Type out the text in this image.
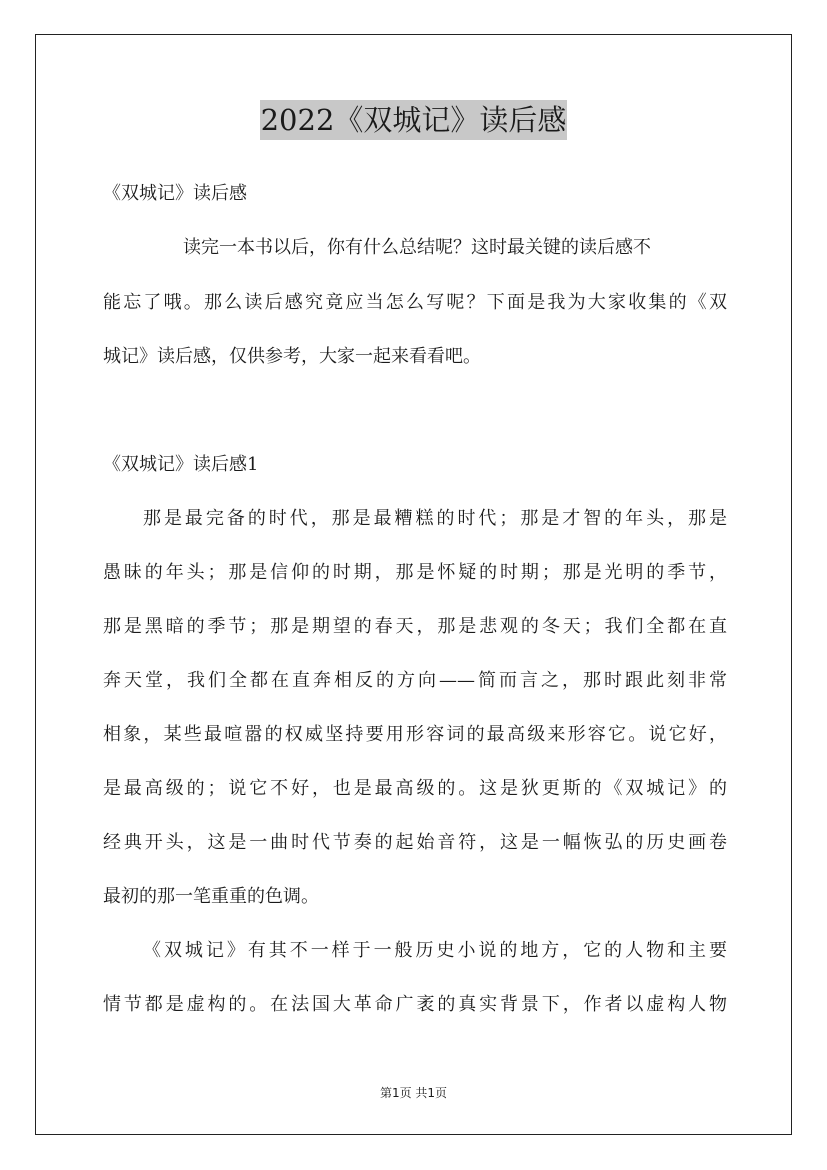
2022《双城记》读后感
《双城记》读后感
读完一本书以后，你有什么总结呢？这时最关键的读后感不
能忘了哦。那么读后感究竟应当怎么写呢？下面是我为大家收集的《双
城记》读后感，仅供参考，大家一起来看看吧。
《双城记》读后感1
那是最完备的时代，那是最糟糕的时代；那是才智的年头，那是
愚昧的年头；那是信仰的时期，那是怀疑的时期；那是光明的季节，
那是黑暗的季节；那是期望的春天，那是悲观的冬天；我们全都在直
奔天堂，我们全都在直奔相反的方向——简而言之，那时跟此刻非常
相象，某些最喧嚣的权威坚持要用形容词的最高级来形容它。说它好，
是最高级的；说它不好，也是最高级的。这是狄更斯的《双城记》的
经典开头，这是一曲时代节奏的起始音符，这是一幅恢弘的历史画卷
最初的那一笔重重的色调。
《双城记》有其不一样于一般历史小说的地方，它的人物和主要
情节都是虚构的。在法国大革命广袤的真实背景下，作者以虚构人物
第1页 共1页
